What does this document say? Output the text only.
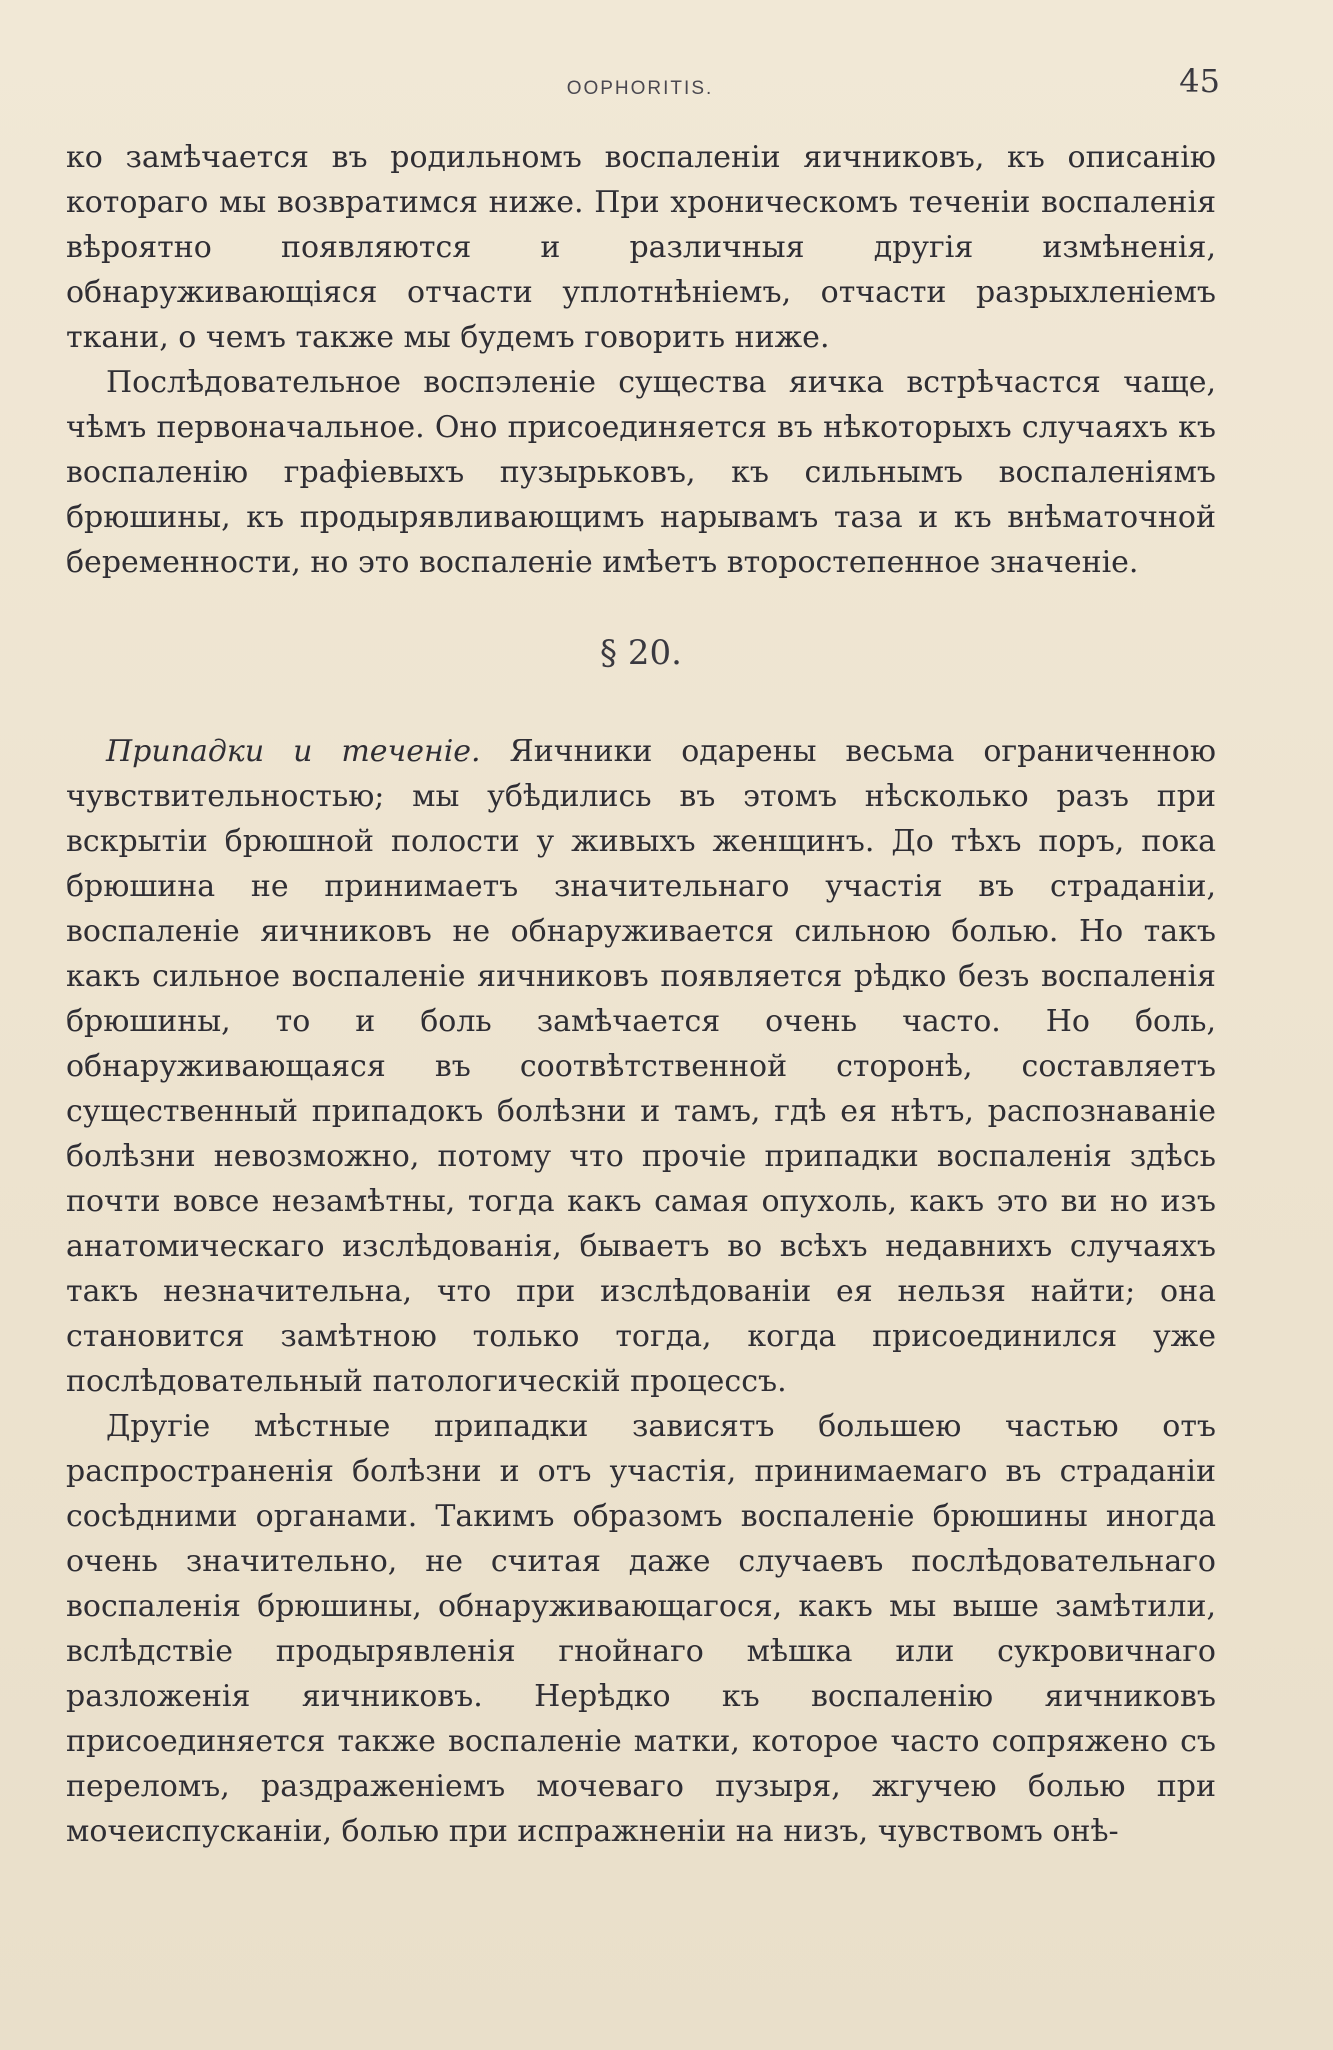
OOPHORITIS.	45

ко замѣчается въ родильномъ воспаленіи яичниковъ, къ описанію котораго мы возвратимся ниже. При хроническомъ теченіи воспаленія вѣроятно появляются и различныя другія измѣненія, обнаруживающіяся отчасти уплотнѣніемъ, отчасти разрыхленіемъ ткани, о чемъ также мы будемъ говорить ниже.

Послѣдовательное воспэленіе существа яичка встрѣчастся чаще, чѣмъ первоначальное. Оно присоединяется въ нѣкоторыхъ случаяхъ къ воспаленію графіевыхъ пузырьковъ, къ сильнымъ воспаленіямъ брюшины, къ продырявливающимъ нарывамъ таза и къ внѣматочной беременности, но это воспаленіе имѣетъ второстепенное значеніе.

§ 20.

Припадки и теченіе. Яичники одарены весьма ограниченною чувствительностью; мы убѣдились въ этомъ нѣсколько разъ при вскрытіи брюшной полости у живыхъ женщинъ. До тѣхъ поръ, пока брюшина не принимаетъ значительнаго участія въ страданіи, воспаленіе яичниковъ не обнаруживается сильною болью. Но такъ какъ сильное воспаленіе яичниковъ появляется рѣдко безъ воспаленія брюшины, то и боль замѣчается очень часто. Но боль, обнаруживающаяся въ соотвѣтственной сторонѣ, составляетъ существенный припадокъ болѣзни и тамъ, гдѣ ея нѣтъ, распознаваніе болѣзни невозможно, потому что прочіе припадки воспаленія здѣсь почти вовсе незамѣтны, тогда какъ самая опухоль, какъ это ви но изъ анатомическаго изслѣдованія, бываетъ во всѣхъ недавнихъ случаяхъ такъ незначительна, что при изслѣдованіи ея нельзя найти; она становится замѣтною только тогда, когда присоединился уже послѣдовательный патологическій процессъ.

Другіе мѣстные припадки зависятъ большею частью отъ распространенія болѣзни и отъ участія, принимаемаго въ страданіи сосѣдними органами. Такимъ образомъ воспаленіе брюшины иногда очень значительно, не считая даже случаевъ послѣдовательнаго воспаленія брюшины, обнаруживающагося, какъ мы выше замѣтили, вслѣдствіе продырявленія гнойнаго мѣшка или сукровичнаго разложенія яичниковъ. Нерѣдко къ воспаленію яичниковъ присоединяется также воспаленіе матки, которое часто сопряжено съ переломъ, раздраженіемъ мочеваго пузыря, жгучею болью при мочеиспусканіи, болью при испражненіи на низъ, чувствомъ онѣ-
